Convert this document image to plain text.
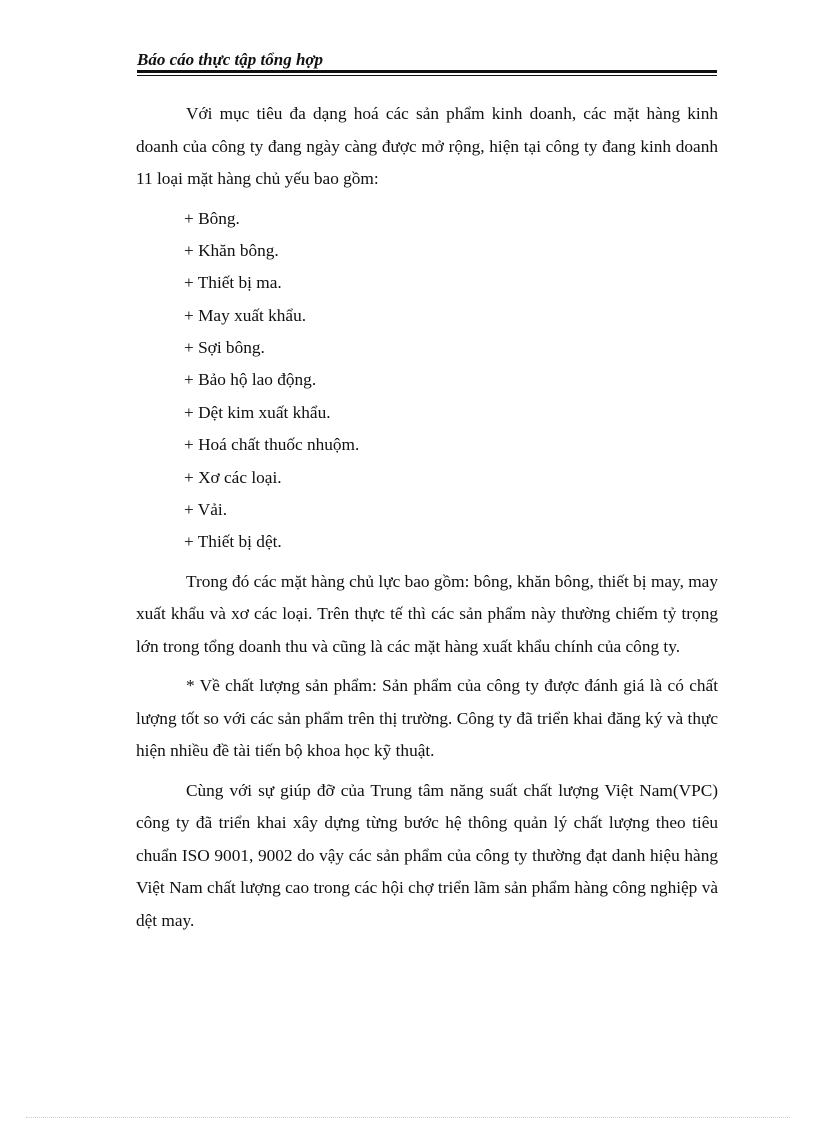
Báo cáo thực tập tổng hợp

Với mục tiêu đa dạng hoá các sản phẩm kinh doanh, các mặt hàng kinh doanh của công ty đang ngày càng được mở rộng, hiện tại công ty đang kinh doanh 11 loại mặt hàng chủ yếu bao gồm:

+ Bông.
+ Khăn bông.
+ Thiết bị ma.
+ May xuất khẩu.
+ Sợi bông.
+ Bảo hộ lao động.
+ Dệt kim xuất khẩu.
+ Hoá chất thuốc nhuộm.
+ Xơ các loại.
+ Vải.
+ Thiết bị dệt.

Trong đó các mặt hàng chủ lực bao gồm: bông, khăn bông, thiết bị may, may xuất khẩu và xơ các loại. Trên thực tế thì các sản phẩm này thường chiếm tỷ trọng lớn trong tổng doanh thu và cũng là các mặt hàng xuất khẩu chính của công ty.

* Về chất lượng sản phẩm: Sản phẩm của công ty được đánh giá là có chất lượng tốt so với các sản phẩm trên thị trường. Công ty đã triển khai đăng ký và thực hiện nhiều đề tài tiến bộ khoa học kỹ thuật.

Cùng với sự giúp đỡ của Trung tâm năng suất chất lượng Việt Nam(VPC) công ty đã triển khai xây dựng từng bước hệ thông quản lý chất lượng theo tiêu chuẩn ISO 9001, 9002 do vậy các sản phẩm của công ty thường đạt danh hiệu hàng Việt Nam chất lượng cao trong các hội chợ triển lãm sản phẩm hàng công nghiệp và dệt may.
